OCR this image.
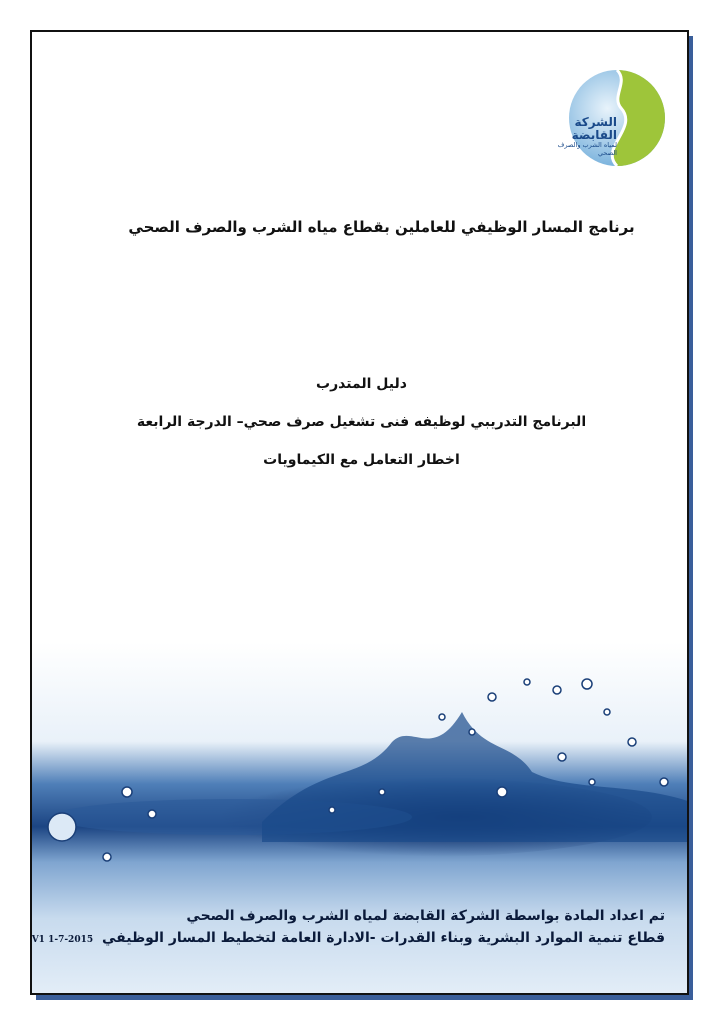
الشركة القابضة
لمياه الشرب والصرف الصحي
برنامج المسار الوظيفي للعاملين بقطاع مياه الشرب والصرف الصحي
دليل المتدرب
البرنامج التدريبي لوظيفه فنى تشغيل صرف صحي– الدرجة الرابعة
اخطار التعامل مع الكيماويات
تم اعداد المادة بواسطة الشركة القابضة لمياه الشرب والصرف الصحي
قطاع تنمية الموارد البشرية وبناء القدرات -الادارة العامة لتخطيط المسار الوظيفي V1 1-7-2015
